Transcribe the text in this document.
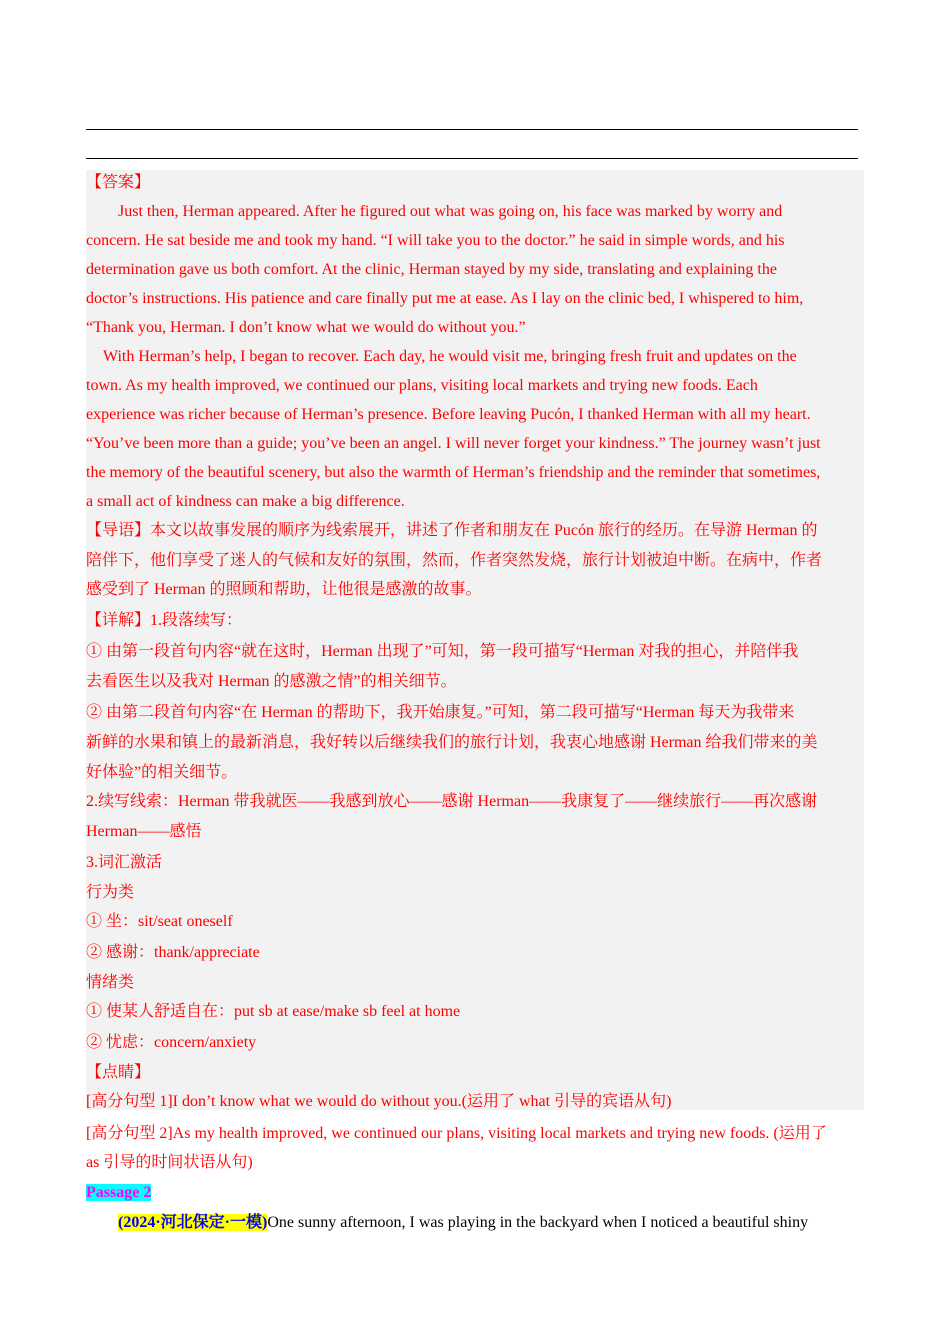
【答案】
Just then, Herman appeared. After he figured out what was going on, his face was marked by worry and
concern. He sat beside me and took my hand. “I will take you to the doctor.” he said in simple words, and his
determination gave us both comfort. At the clinic, Herman stayed by my side, translating and explaining the
doctor’s instructions. His patience and care finally put me at ease. As I lay on the clinic bed, I whispered to him,
“Thank you, Herman. I don’t know what we would do without you.”
With Herman’s help, I began to recover. Each day, he would visit me, bringing fresh fruit and updates on the
town. As my health improved, we continued our plans, visiting local markets and trying new foods. Each
experience was richer because of Herman’s presence. Before leaving Pucón, I thanked Herman with all my heart.
“You’ve been more than a guide; you’ve been an angel. I will never forget your kindness.” The journey wasn’t just
the memory of the beautiful scenery, but also the warmth of Herman’s friendship and the reminder that sometimes,
a small act of kindness can make a big difference.
【导语】本文以故事发展的顺序为线索展开，讲述了作者和朋友在 Pucón 旅行的经历。在导游 Herman 的
陪伴下，他们享受了迷人的气候和友好的氛围，然而，作者突然发烧，旅行计划被迫中断。在病中，作者
感受到了 Herman 的照顾和帮助，让他很是感激的故事。
【详解】1.段落续写：
① 由第一段首句内容“就在这时，Herman 出现了”可知，第一段可描写“Herman 对我的担心，并陪伴我
去看医生以及我对 Herman 的感激之情”的相关细节。
② 由第二段首句内容“在 Herman 的帮助下，我开始康复。”可知，第二段可描写“Herman 每天为我带来
新鲜的水果和镇上的最新消息，我好转以后继续我们的旅行计划，我衷心地感谢 Herman 给我们带来的美
好体验”的相关细节。
2.续写线索：Herman 带我就医——我感到放心——感谢 Herman——我康复了——继续旅行——再次感谢
Herman——感悟
3.词汇激活
行为类
① 坐：sit/seat oneself
② 感谢：thank/appreciate
情绪类
① 使某人舒适自在：put sb at ease/make sb feel at home
② 忧虑：concern/anxiety
【点睛】
[高分句型 1]I don’t know what we would do without you.(运用了 what 引导的宾语从句)
[高分句型 2]As my health improved, we continued our plans, visiting local markets and trying new foods. (运用了
as 引导的时间状语从句)
Passage 2
(2024·河北保定·一模)One sunny afternoon, I was playing in the backyard when I noticed a beautiful shiny
